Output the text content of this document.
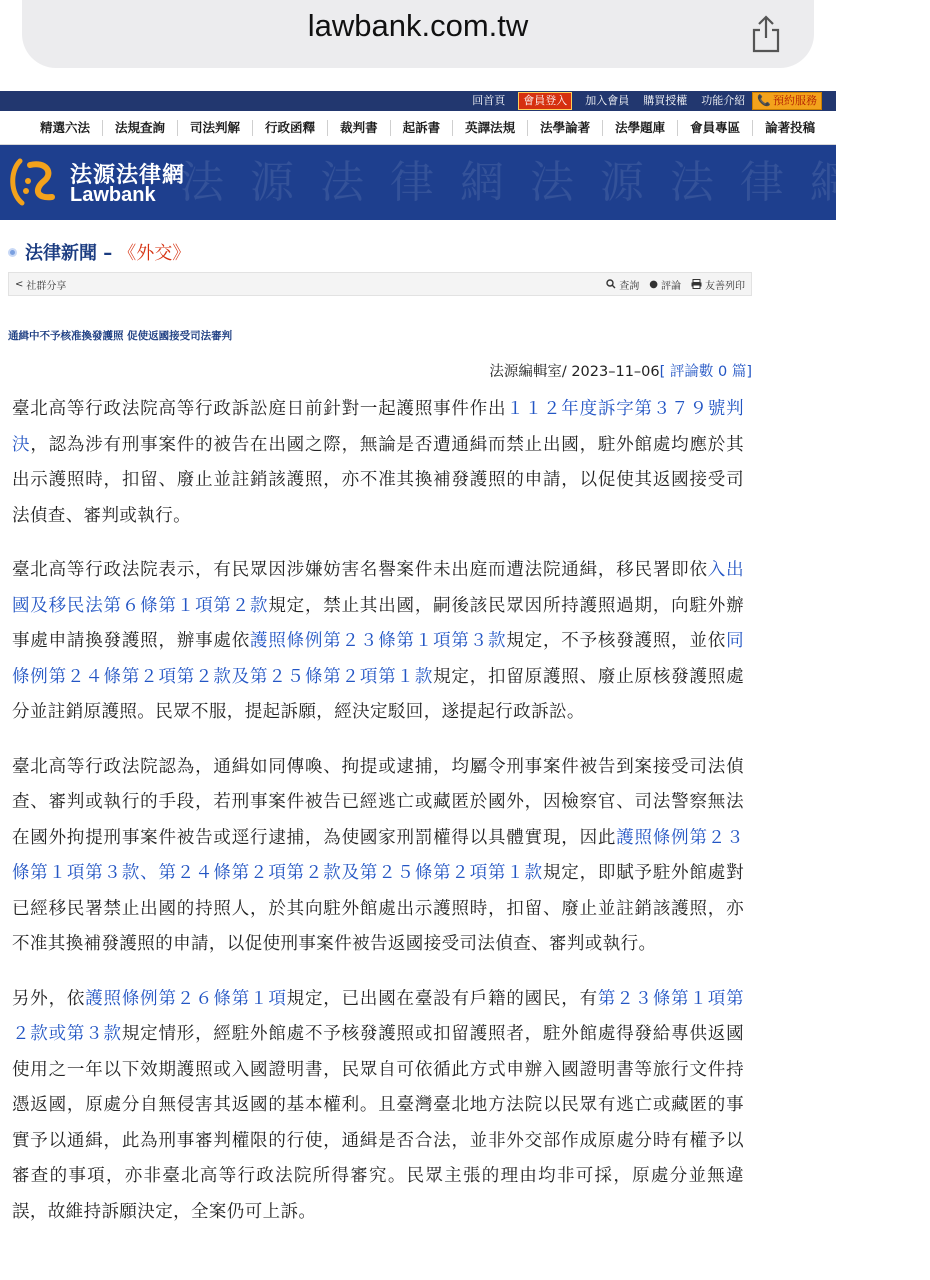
lawbank.com.tw
回首頁	會員登入	加入會員	購買授權	功能介紹	📞 預約服務
精選六法	法規查詢	司法判解	行政函釋	裁判書	起訴書	英譯法規	法學論著	法學題庫	會員專區	論著投稿
法 源 法 律 網 法 源 法 律 網 法
法源法律網
Lawbank
法律新聞 – 《外交》
< 社群分享	查詢 ● 評論 友善列印
通緝中不予核准換發護照 促使返國接受司法審判
法源編輯室/ 2023–11–06[ 評論數 0 篇]

臺北高等行政法院高等行政訴訟庭日前針對一起護照事件作出１１２年度訴字第３７９號判決，認為涉有刑事案件的被告在出國之際，無論是否遭通緝而禁止出國，駐外館處均應於其出示護照時，扣留、廢止並註銷該護照，亦不准其換補發護照的申請，以促使其返國接受司法偵查、審判或執行。

臺北高等行政法院表示，有民眾因涉嫌妨害名譽案件未出庭而遭法院通緝，移民署即依入出國及移民法第６條第１項第２款規定，禁止其出國，嗣後該民眾因所持護照過期，向駐外辦事處申請換發護照，辦事處依護照條例第２３條第１項第３款規定，不予核發護照，並依同條例第２４條第２項第２款及第２５條第２項第１款規定，扣留原護照、廢止原核發護照處分並註銷原護照。民眾不服，提起訴願，經決定駁回，遂提起行政訴訟。

臺北高等行政法院認為，通緝如同傳喚、拘提或逮捕，均屬令刑事案件被告到案接受司法偵查、審判或執行的手段，若刑事案件被告已經逃亡或藏匿於國外，因檢察官、司法警察無法在國外拘提刑事案件被告或逕行逮捕，為使國家刑罰權得以具體實現，因此護照條例第２３條第１項第３款、第２４條第２項第２款及第２５條第２項第１款規定，即賦予駐外館處對已經移民署禁止出國的持照人，於其向駐外館處出示護照時，扣留、廢止並註銷該護照，亦不准其換補發護照的申請，以促使刑事案件被告返國接受司法偵查、審判或執行。

另外，依護照條例第２６條第１項規定，已出國在臺設有戶籍的國民，有第２３條第１項第２款或第３款規定情形，經駐外館處不予核發護照或扣留護照者，駐外館處得發給專供返國使用之一年以下效期護照或入國證明書，民眾自可依循此方式申辦入國證明書等旅行文件持憑返國，原處分自無侵害其返國的基本權利。且臺灣臺北地方法院以民眾有逃亡或藏匿的事實予以通緝，此為刑事審判權限的行使，通緝是否合法，並非外交部作成原處分時有權予以審查的事項，亦非臺北高等行政法院所得審究。民眾主張的理由均非可採，原處分並無違誤，故維持訴願決定，全案仍可上訴。
